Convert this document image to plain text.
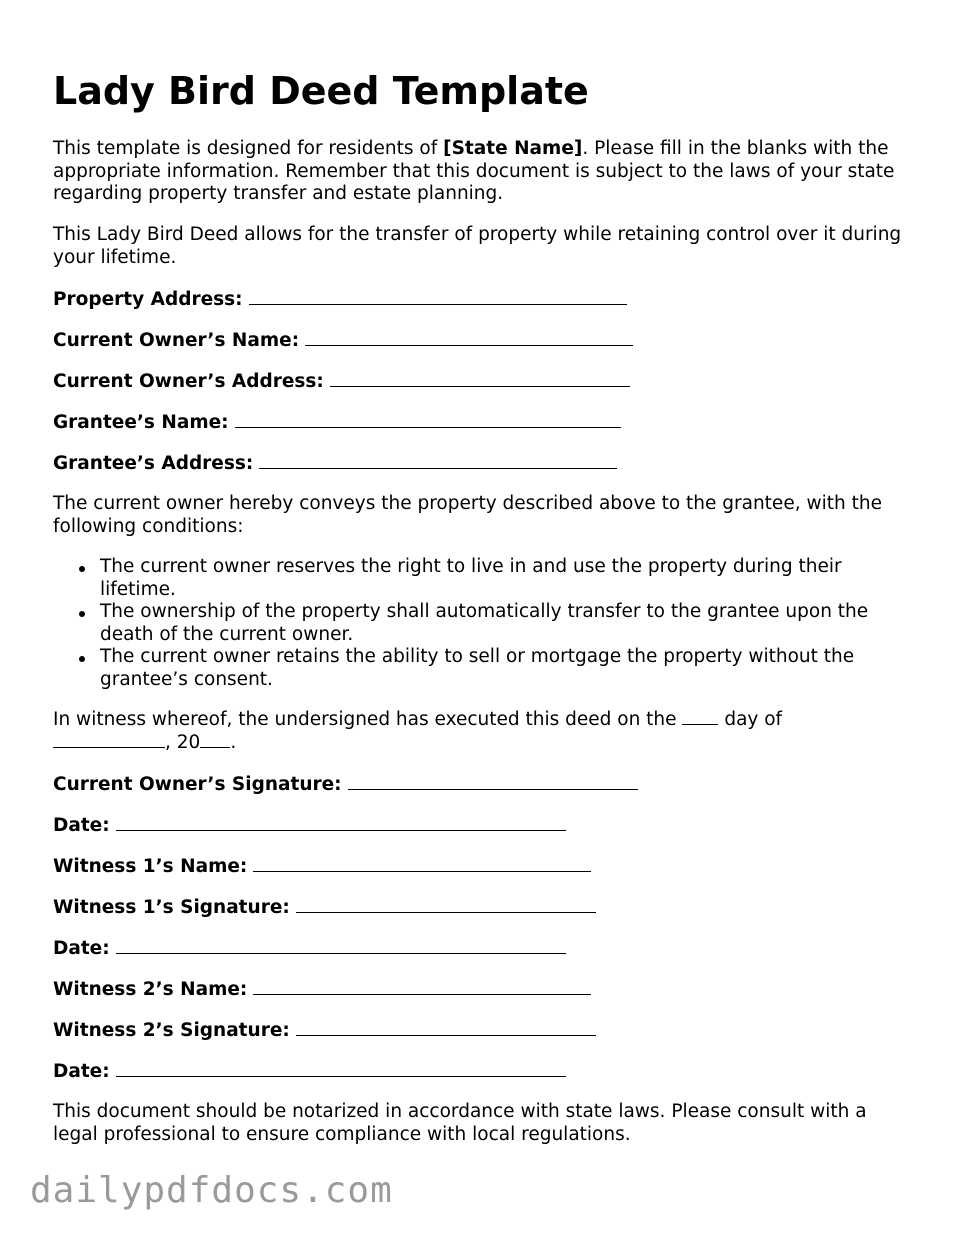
Lady Bird Deed Template

This template is designed for residents of [State Name]. Please fill in the blanks with the appropriate information. Remember that this document is subject to the laws of your state regarding property transfer and estate planning.

This Lady Bird Deed allows for the transfer of property while retaining control over it during your lifetime.

Property Address:
Current Owner’s Name:
Current Owner’s Address:
Grantee’s Name:
Grantee’s Address:

The current owner hereby conveys the property described above to the grantee, with the following conditions:

The current owner reserves the right to live in and use the property during their lifetime.
The ownership of the property shall automatically transfer to the grantee upon the death of the current owner.
The current owner retains the ability to sell or mortgage the property without the grantee’s consent.

In witness whereof, the undersigned has executed this deed on the	day of
, 20 .

Current Owner’s Signature:
Date:
Witness 1’s Name:
Witness 1’s Signature:
Date:
Witness 2’s Name:
Witness 2’s Signature:
Date:

This document should be notarized in accordance with state laws. Please consult with a legal professional to ensure compliance with local regulations.

dailypdfdocs.com
